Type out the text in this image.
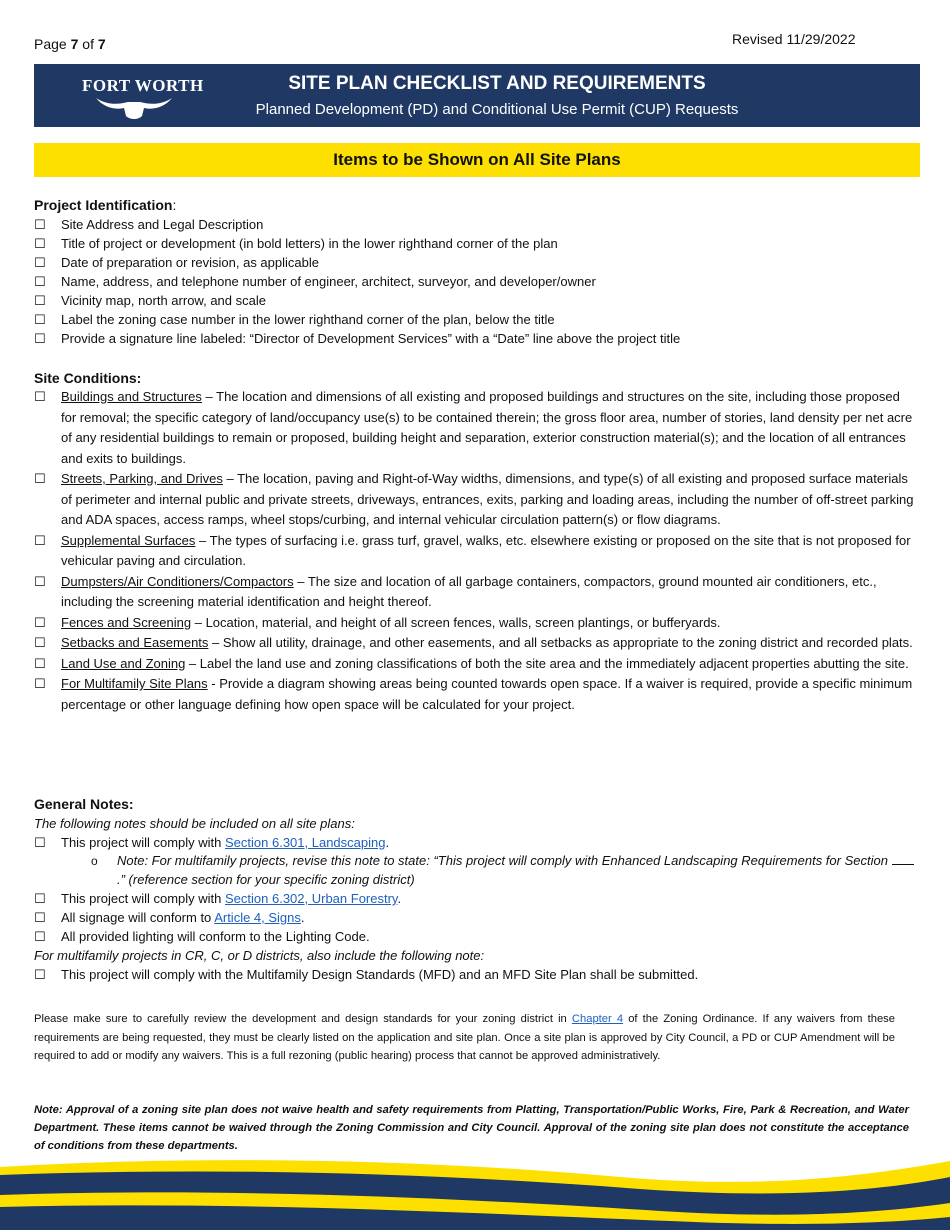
Page 7 of 7	Revised 11/29/2022
FORT WORTH	SITE PLAN CHECKLIST AND REQUIREMENTS
Planned Development (PD) and Conditional Use Permit (CUP) Requests
Items to be Shown on All Site Plans
Project Identification:
☐ Site Address and Legal Description
☐ Title of project or development (in bold letters) in the lower righthand corner of the plan
☐ Date of preparation or revision, as applicable
☐ Name, address, and telephone number of engineer, architect, surveyor, and developer/owner
☐ Vicinity map, north arrow, and scale
☐ Label the zoning case number in the lower righthand corner of the plan, below the title
☐ Provide a signature line labeled: “Director of Development Services” with a “Date” line above the project title
Site Conditions:
☐ Buildings and Structures – The location and dimensions of all existing and proposed buildings and structures on the site, including those proposed for removal; the specific category of land/occupancy use(s) to be contained therein; the gross floor area, number of stories, land density per net acre of any residential buildings to remain or proposed, building height and separation, exterior construction material(s); and the location of all entrances and exits to buildings.
☐ Streets, Parking, and Drives – The location, paving and Right-of-Way widths, dimensions, and type(s) of all existing and proposed surface materials of perimeter and internal public and private streets, driveways, entrances, exits, parking and loading areas, including the number of off-street parking and ADA spaces, access ramps, wheel stops/curbing, and internal vehicular circulation pattern(s) or flow diagrams.
☐ Supplemental Surfaces – The types of surfacing i.e. grass turf, gravel, walks, etc. elsewhere existing or proposed on the site that is not proposed for vehicular paving and circulation.
☐ Dumpsters/Air Conditioners/Compactors – The size and location of all garbage containers, compactors, ground mounted air conditioners, etc., including the screening material identification and height thereof.
☐ Fences and Screening – Location, material, and height of all screen fences, walls, screen plantings, or bufferyards.
☐ Setbacks and Easements – Show all utility, drainage, and other easements, and all setbacks as appropriate to the zoning district and recorded plats.
☐ Land Use and Zoning – Label the land use and zoning classifications of both the site area and the immediately adjacent properties abutting the site.
☐ For Multifamily Site Plans - Provide a diagram showing areas being counted towards open space. If a waiver is required, provide a specific minimum percentage or other language defining how open space will be calculated for your project.
General Notes:
The following notes should be included on all site plans:
☐ This project will comply with Section 6.301, Landscaping.
o Note: For multifamily projects, revise this note to state: “This project will comply with Enhanced Landscaping Requirements for Section .” (reference section for your specific zoning district)
☐ This project will comply with Section 6.302, Urban Forestry.
☐ All signage will conform to Article 4, Signs.
☐ All provided lighting will conform to the Lighting Code.
For multifamily projects in CR, C, or D districts, also include the following note:
☐ This project will comply with the Multifamily Design Standards (MFD) and an MFD Site Plan shall be submitted.
Please make sure to carefully review the development and design standards for your zoning district in Chapter 4 of the Zoning Ordinance. If any waivers from these requirements are being requested, they must be clearly listed on the application and site plan. Once a site plan is approved by City Council, a PD or CUP Amendment will be required to add or modify any waivers. This is a full rezoning (public hearing) process that cannot be approved administratively.
Note: Approval of a zoning site plan does not waive health and safety requirements from Platting, Transportation/Public Works, Fire, Park & Recreation, and Water Department. These items cannot be waived through the Zoning Commission and City Council. Approval of the zoning site plan does not constitute the acceptance of conditions from these departments.
